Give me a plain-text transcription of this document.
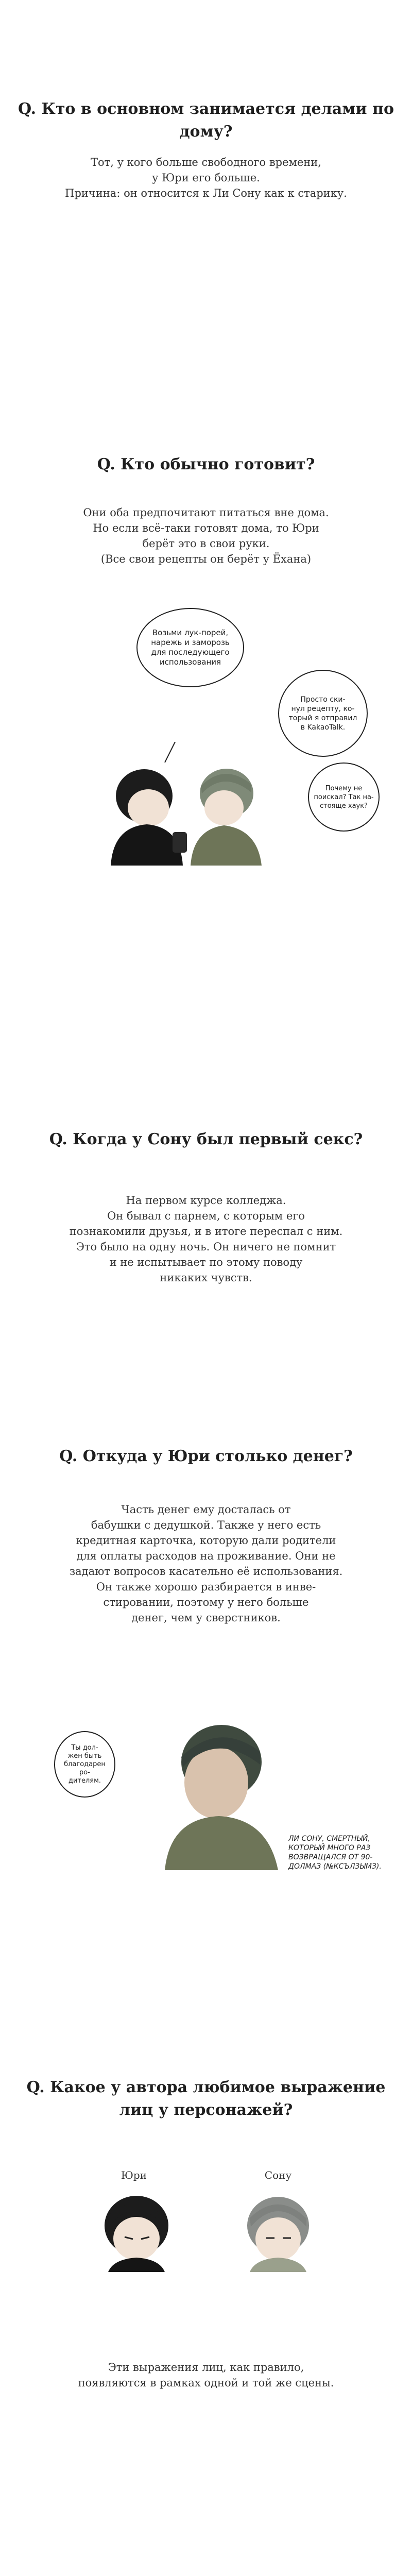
Q. Кто в основном занимается делами по дому?
Тот, у кого больше свободного времени,
у Юри его больше.
Причина: он относится к Ли Сону как к старику.
Q. Кто обычно готовит?
Они оба предпочитают питаться вне дома.
Но если всё-таки готовят дома, то Юри
берёт это в свои руки.
(Все свои рецепты он берёт у Ёхана)
Возьми лук-порей,
нарежь и заморозь
для последующего
использования
Просто ски-
нул рецепту, ко-
торый я отправил
в KakaoTalk.
Почему не
поискал? Так на-
стояще хаук?
Q. Когда у Сону был первый секс?
На первом курсе колледжа.
Он бывал с парнем, с которым его
познакомили друзья, и в итоге переспал с ним.
Это было на одну ночь. Он ничего не помнит
и не испытывает по этому поводу
никаких чувств.
Q. Откуда у Юри столько денег?
Часть денег ему досталась от
бабушки с дедушкой. Также у него есть
кредитная карточка, которую дали родители
для оплаты расходов на проживание. Они не
задают вопросов касательно её использования.
Он также хорошо разбирается в инве-
стировании, поэтому у него больше
денег, чем у сверстников.
Ты дол-
жен быть
благодарен
ро-
дителям.
ЛИ СОНУ, СМЕРТНЫЙ,
КОТОРЫЙ МНОГО РАЗ
ВОЗВРАЩАЛСЯ ОТ 90-
ДОЛМАЗ (№КСЪЛ3ЫМЗ).
Q. Какое у автора любимое выражение
лиц у персонажей?
Юри	Сону
Эти выражения лиц, как правило,
появляются в рамках одной и той же сцены.
